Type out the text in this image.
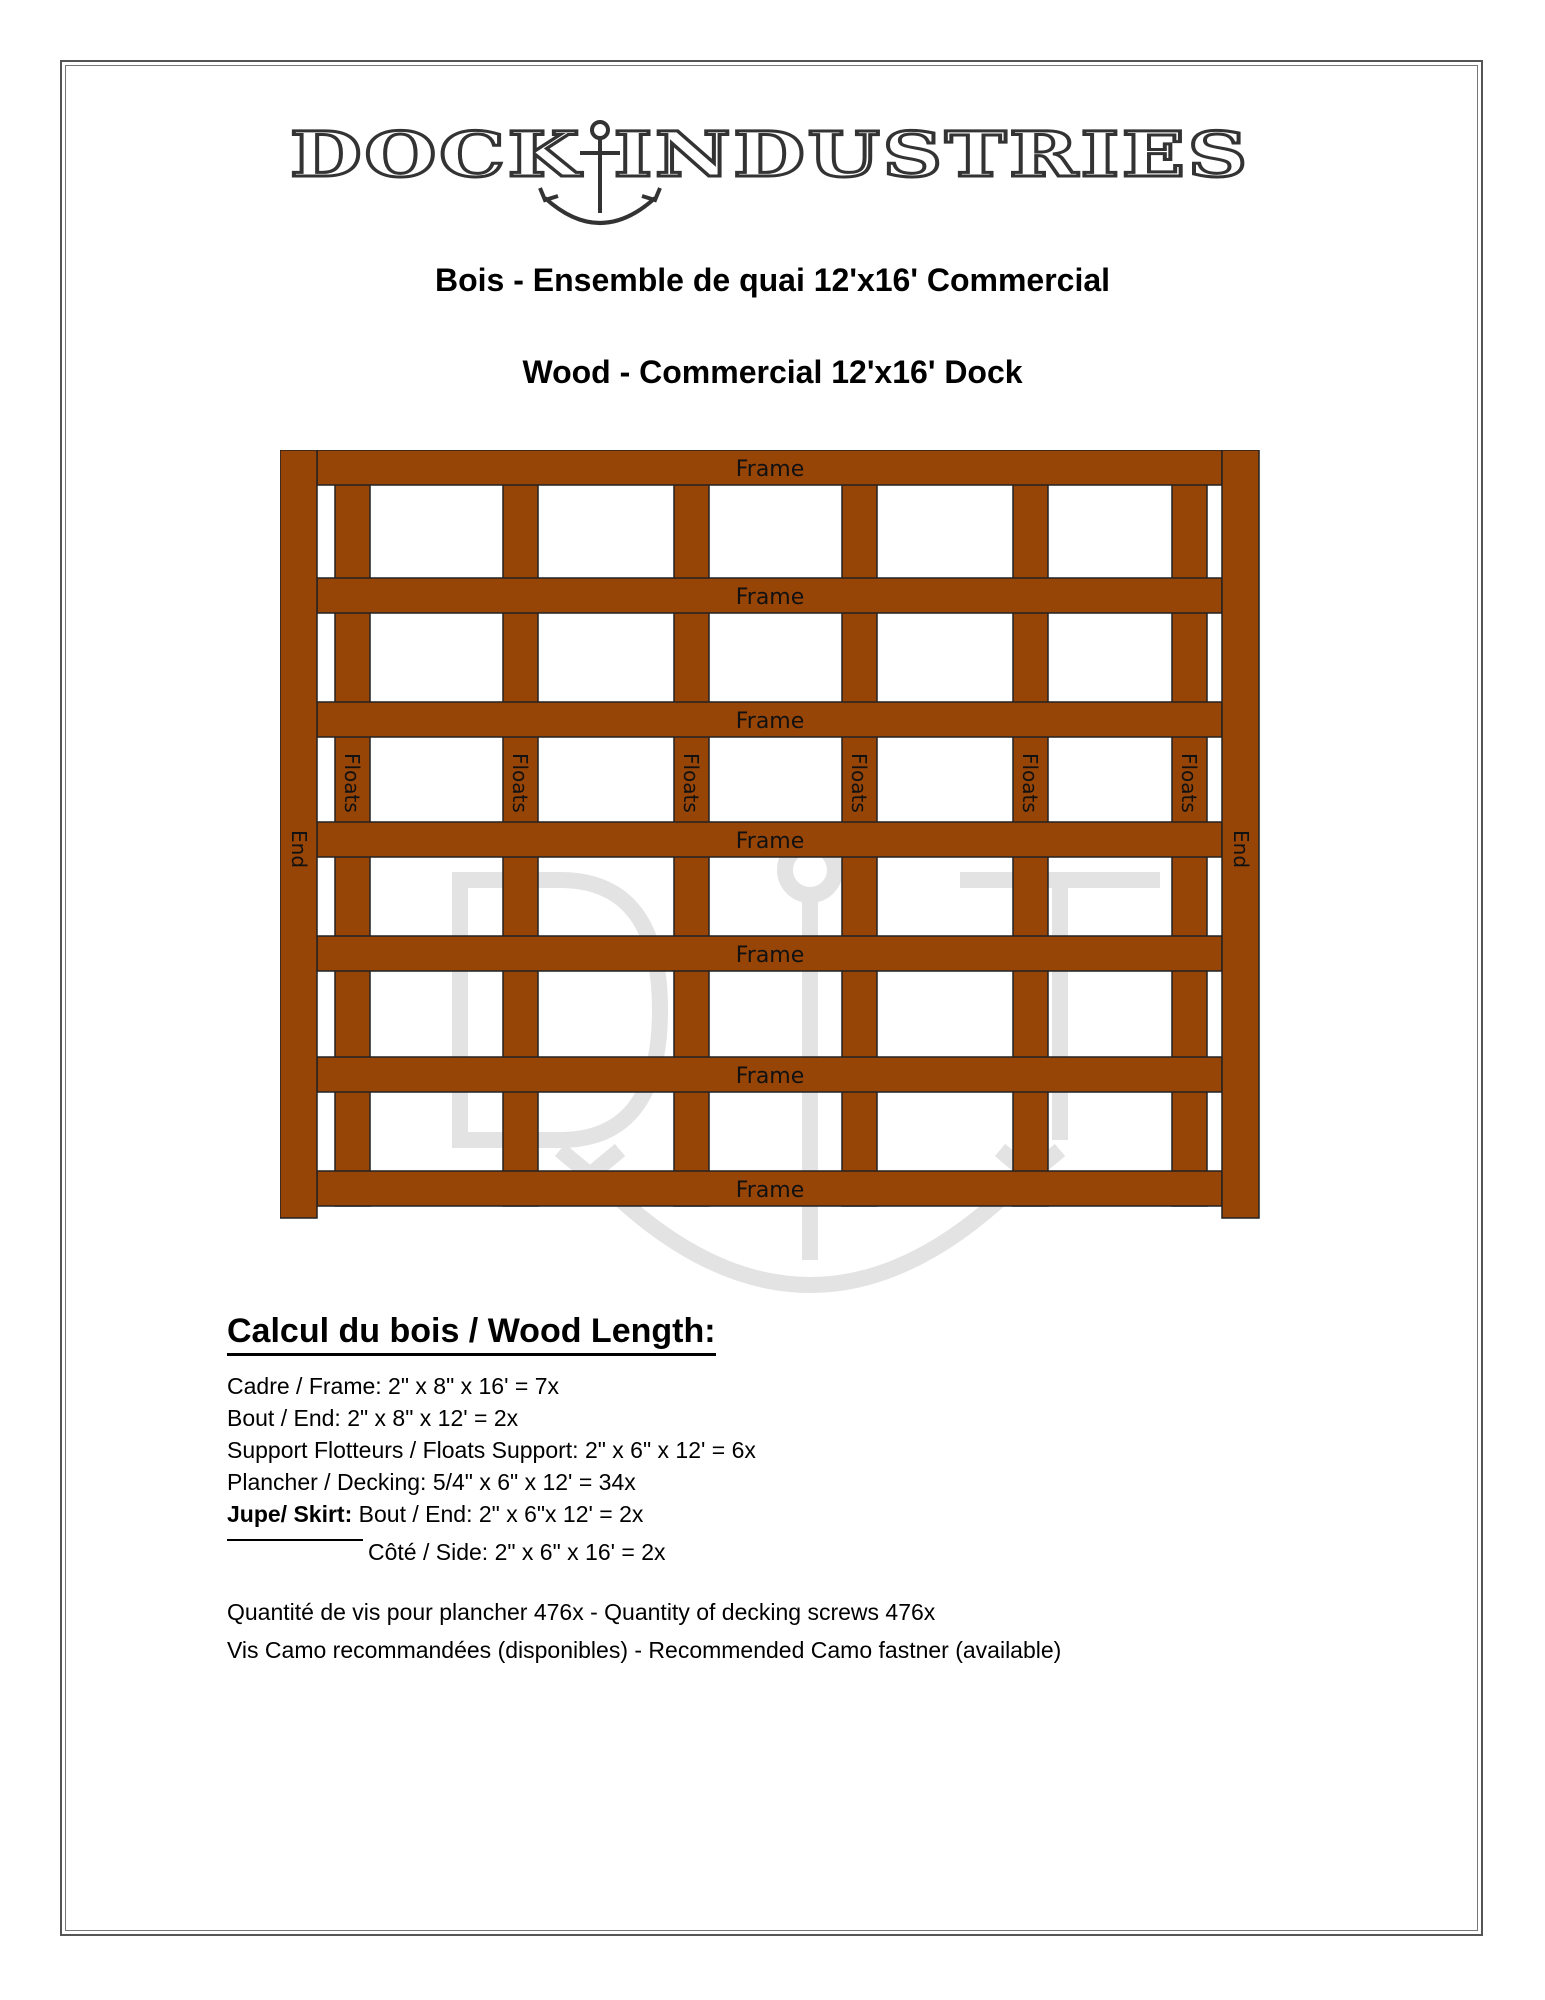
DOCK INDUSTRIES
Bois - Ensemble de quai 12'x16' Commercial
Wood - Commercial 12'x16' Dock
Floats	Floats	Floats	Floats	Floats	Floats
Frame
Frame
Frame
Frame
Frame
Frame
Frame
End	End
Calcul du bois / Wood Length:
Cadre / Frame: 2" x 8" x 16' = 7x
Bout / End: 2" x 8" x 12' = 2x
Support Flotteurs / Floats Support: 2" x 6" x 12' = 6x
Plancher / Decking: 5/4" x 6" x 12' = 34x
Jupe/ Skirt: Bout / End: 2" x 6"x 12' = 2x
Côté / Side: 2" x 6" x 16' = 2x
Quantité de vis pour plancher 476x - Quantity of decking screws 476x
Vis Camo recommandées (disponibles) - Recommended Camo fastner (available)
